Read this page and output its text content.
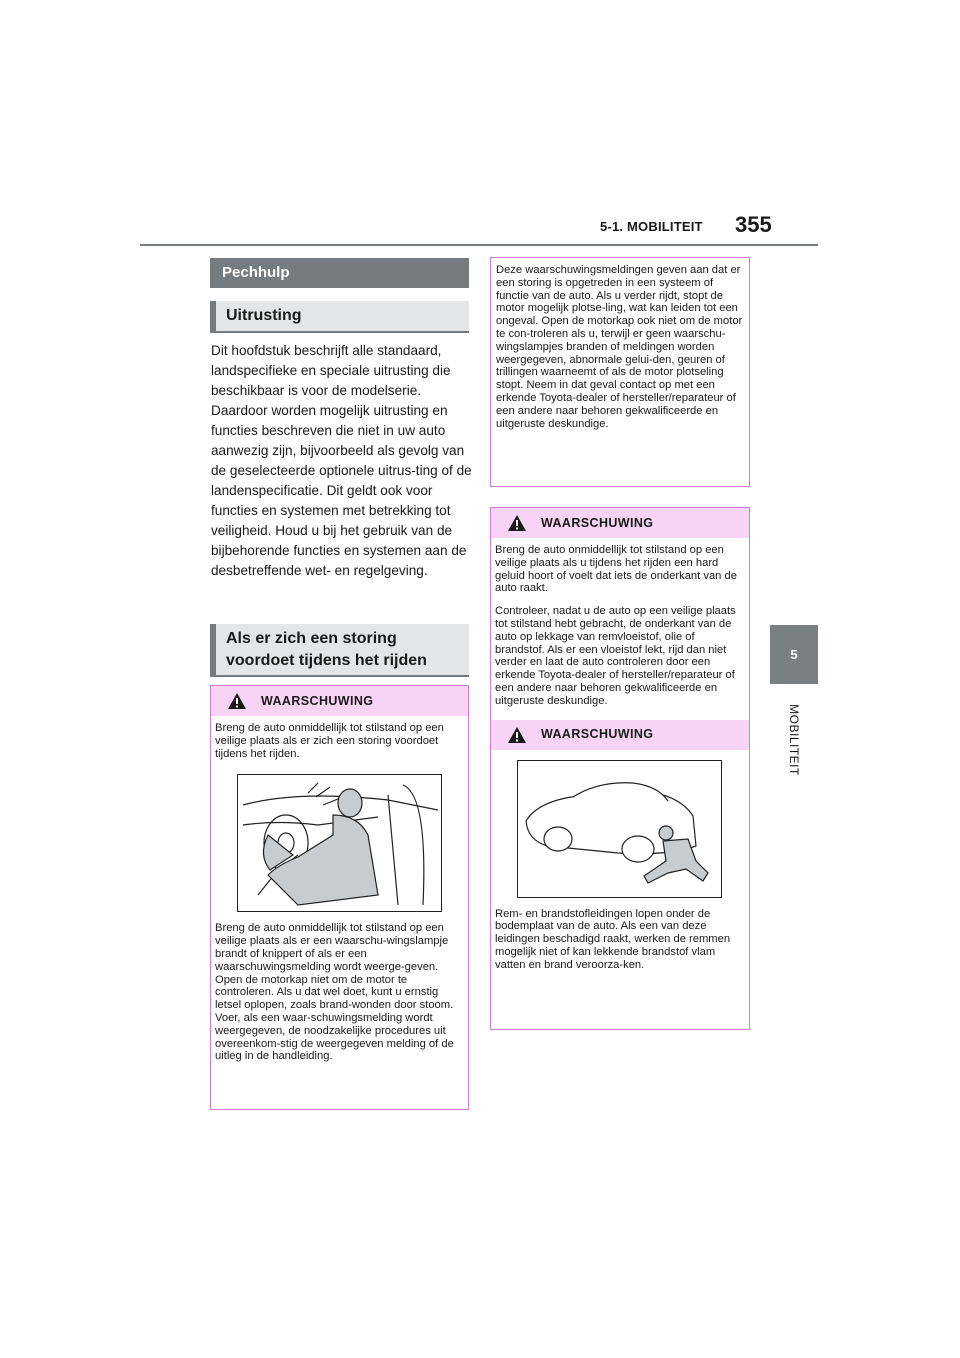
5-1. MOBILITEIT 355
5
MOBILITEIT
Pechhulp
Uitrusting
Dit hoofdstuk beschrijft alle standaard, landspecifieke en speciale uitrusting die beschikbaar is voor de modelserie. Daardoor worden mogelijk uitrusting en functies beschreven die niet in uw auto aanwezig zijn, bijvoorbeeld als gevolg van de geselecteerde optionele uitrus-ting of de landenspecificatie. Dit geldt ook voor functies en systemen met betrekking tot veiligheid. Houd u bij het gebruik van de bijbehorende functies en systemen aan de desbetreffende wet- en regelgeving.
Als er zich een storing voordoet tijdens het rijden
WAARSCHUWING

Breng de auto onmiddellijk tot stilstand op een veilige plaats als er zich een storing voordoet tijdens het rijden.

Breng de auto onmiddellijk tot stilstand op een veilige plaats als er een waarschu-wingslampje brandt of knippert of als er een waarschuwingsmelding wordt weerge-geven. Open de motorkap niet om de motor te controleren. Als u dat wel doet, kunt u ernstig letsel oplopen, zoals brand-wonden door stoom. Voer, als een waar-schuwingsmelding wordt weergegeven, de noodzakelijke procedures uit overeenkom-stig de weergegeven melding of de uitleg in de handleiding.

Deze waarschuwingsmeldingen geven aan dat er een storing is opgetreden in een systeem of functie van de auto. Als u verder rijdt, stopt de motor mogelijk plotse-ling, wat kan leiden tot een ongeval. Open de motorkap ook niet om de motor te con-troleren als u, terwijl er geen waarschu-wingslampjes branden of meldingen worden weergegeven, abnormale gelui-den, geuren of trillingen waarneemt of als de motor plotseling stopt. Neem in dat geval contact op met een erkende Toyota-dealer of hersteller/reparateur of een andere naar behoren gekwalificeerde en uitgeruste deskundige.

WAARSCHUWING

Breng de auto onmiddellijk tot stilstand op een veilige plaats als u tijdens het rijden een hard geluid hoort of voelt dat iets de onderkant van de auto raakt.

Controleer, nadat u de auto op een veilige plaats tot stilstand hebt gebracht, de onderkant van de auto op lekkage van remvloeistof, olie of brandstof. Als er een vloeistof lekt, rijd dan niet verder en laat de auto controleren door een erkende Toyota-dealer of hersteller/reparateur of een andere naar behoren gekwalificeerde en uitgeruste deskundige.

WAARSCHUWING

Rem- en brandstofleidingen lopen onder de bodemplaat van de auto. Als een van deze leidingen beschadigd raakt, werken de remmen mogelijk niet of kan lekkende brandstof vlam vatten en brand veroorza-ken.
